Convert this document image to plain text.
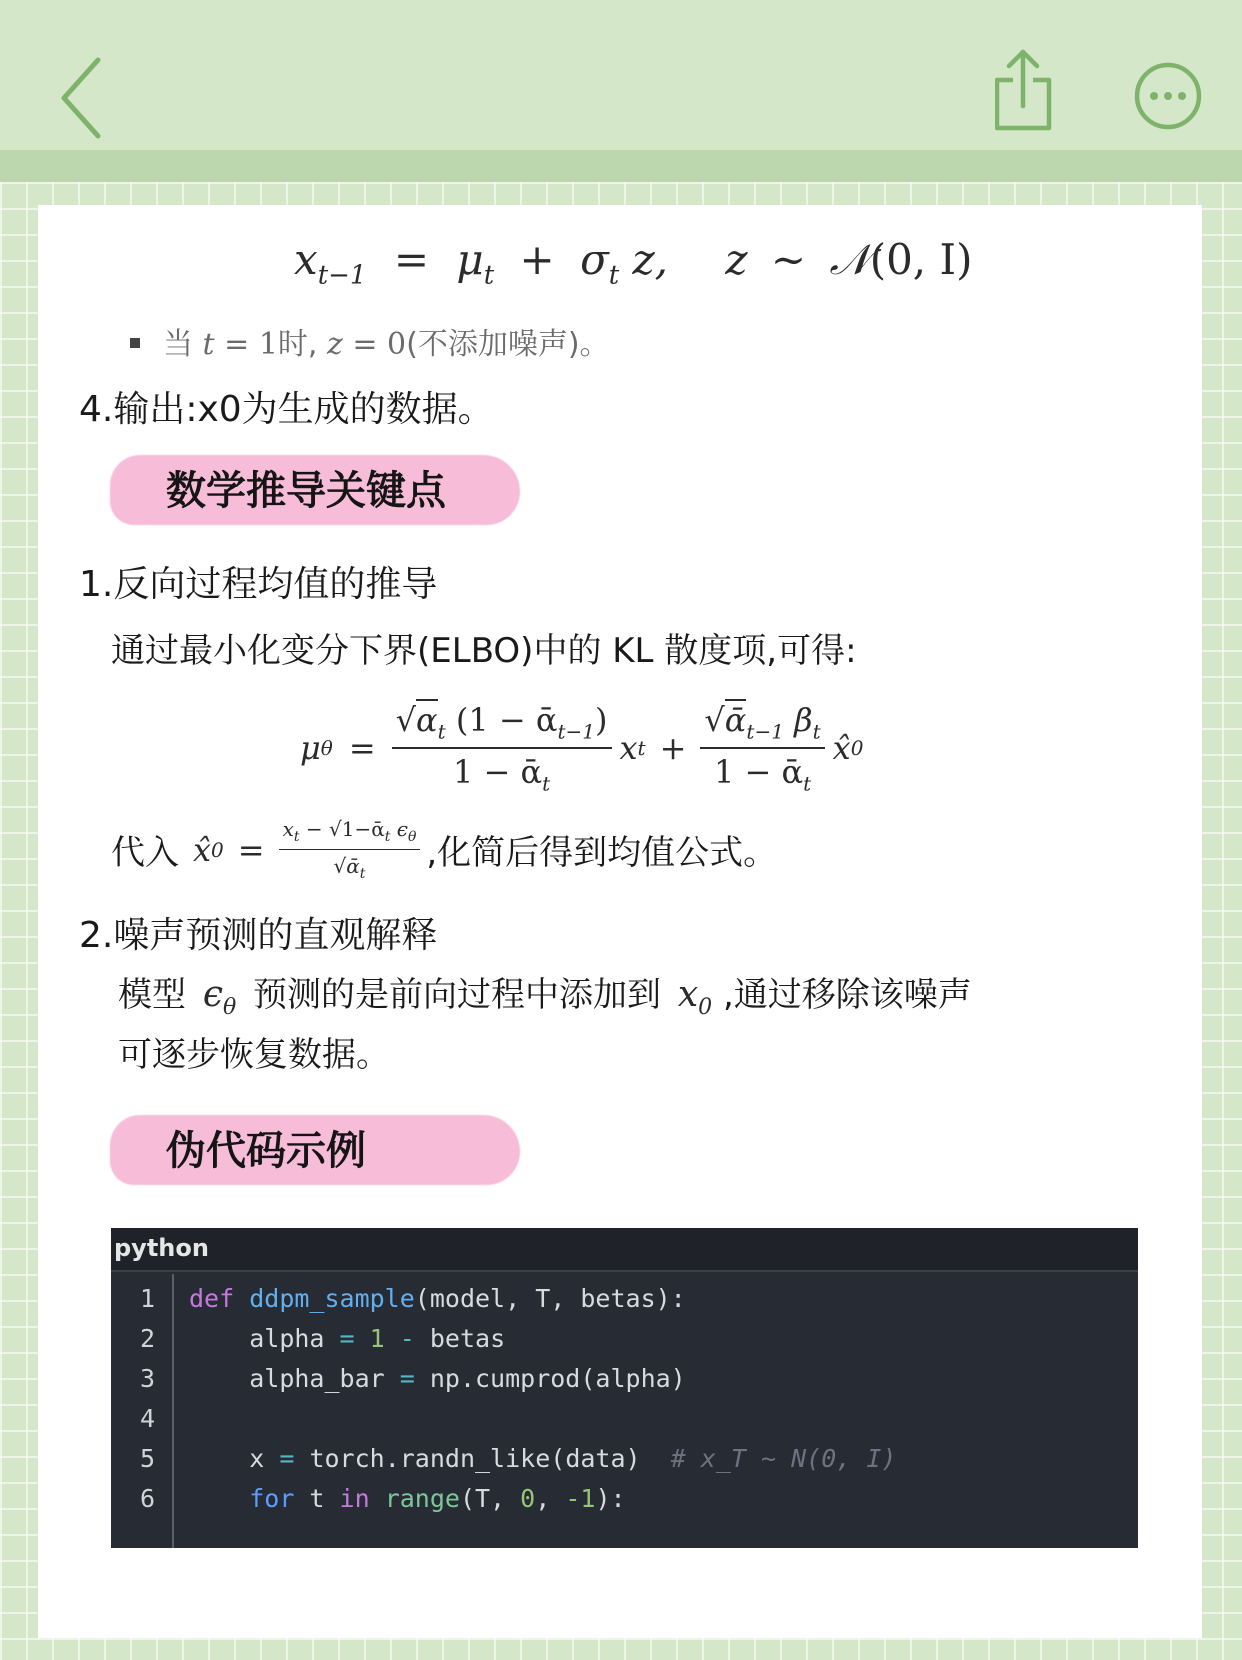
$x_{t-1} = \mu_t + \sigma_t$ z, z ∼ 𝒩(0, I)
当 t = 1时, z = 0(不添加噪声)。
4.输出:x0为生成的数据。
数学推导关键点
1.反向过程均值的推导
通过最小化变分下界(ELBO)中的 KL 散度项,可得:
μ $\theta = \frac{√\alpha_t (1 - ᾱ_{t-1})}{1 - ᾱ_t}$ x $t + \frac{√ᾱ_{t-1} \beta_t}{1 - ᾱ_t}$ x̂ 0
代入 x̂ $0 = \frac{x_t - √1-ᾱ_t \epsilon_\theta}{√ᾱ_t}$ ,化简后得到均值公式。
2.噪声预测的直观解释
模型 $\epsilon_\theta$ 预测的是前向过程中添加到 $x_0$ ,通过移除该噪声
可逐步恢复数据。
伪代码示例
python
1 def ddpm_sample(model, T, betas):
2	alpha = 1 - betas
3	alpha_bar = np.cumprod(alpha)
4
5	x = torch.randn_like(data) # x_T ~ N(0, I)
6	for t in range(T, 0, -1):
